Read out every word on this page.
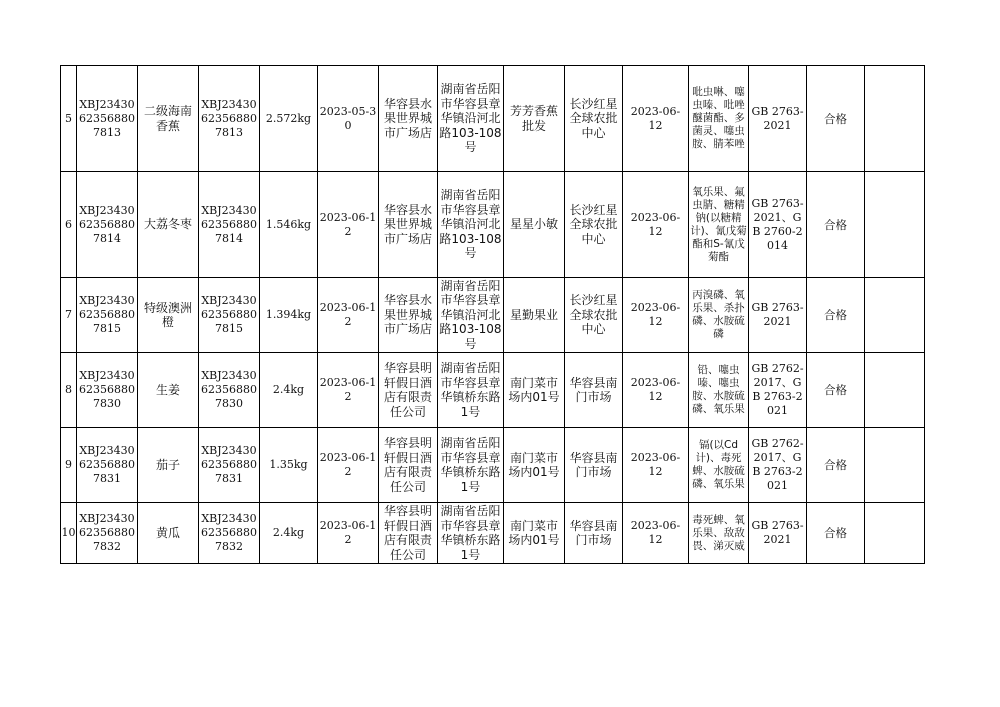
5	XBJ23430623568807813	二级海南香蕉	XBJ23430623568807813	2.572kg	2023-05-30	华容县水果世界城市广场店	湖南省岳阳市华容县章华镇沿河北路103-108号	芳芳香蕉批发	长沙红星全球农批中心	2023-06-12	吡虫啉、噻虫嗪、吡唑醚菌酯、多菌灵、噻虫胺、腈苯唑	GB 2763-2021	合格	
6	XBJ23430623568807814	大荔冬枣	XBJ23430623568807814	1.546kg	2023-06-12	华容县水果世界城市广场店	湖南省岳阳市华容县章华镇沿河北路103-108号	星星小敏	长沙红星全球农批中心	2023-06-12	氧乐果、氟虫腈、糖精钠(以糖精计)、氰戊菊酯和S-氰戊菊酯	GB 2763-2021、GB 2760-2014	合格	
7	XBJ23430623568807815	特级澳洲橙	XBJ23430623568807815	1.394kg	2023-06-12	华容县水果世界城市广场店	湖南省岳阳市华容县章华镇沿河北路103-108号	星勤果业	长沙红星全球农批中心	2023-06-12	丙溴磷、氧乐果、杀扑磷、水胺硫磷	GB 2763-2021	合格	
8	XBJ23430623568807830	生姜	XBJ23430623568807830	2.4kg	2023-06-12	华容县明轩假日酒店有限责任公司	湖南省岳阳市华容县章华镇桥东路1号	南门菜市场内01号	华容县南门市场	2023-06-12	铅、噻虫嗪、噻虫胺、水胺硫磷、氧乐果	GB 2762-2017、GB 2763-2021	合格	
9	XBJ23430623568807831	茄子	XBJ23430623568807831	1.35kg	2023-06-12	华容县明轩假日酒店有限责任公司	湖南省岳阳市华容县章华镇桥东路1号	南门菜市场内01号	华容县南门市场	2023-06-12	镉(以Cd计)、毒死蜱、水胺硫磷、氧乐果	GB 2762-2017、GB 2763-2021	合格	
10	XBJ23430623568807832	黄瓜	XBJ23430623568807832	2.4kg	2023-06-12	华容县明轩假日酒店有限责任公司	湖南省岳阳市华容县章华镇桥东路1号	南门菜市场内01号	华容县南门市场	2023-06-12	毒死蜱、氧乐果、敌敌畏、涕灭威	GB 2763-2021	合格	
